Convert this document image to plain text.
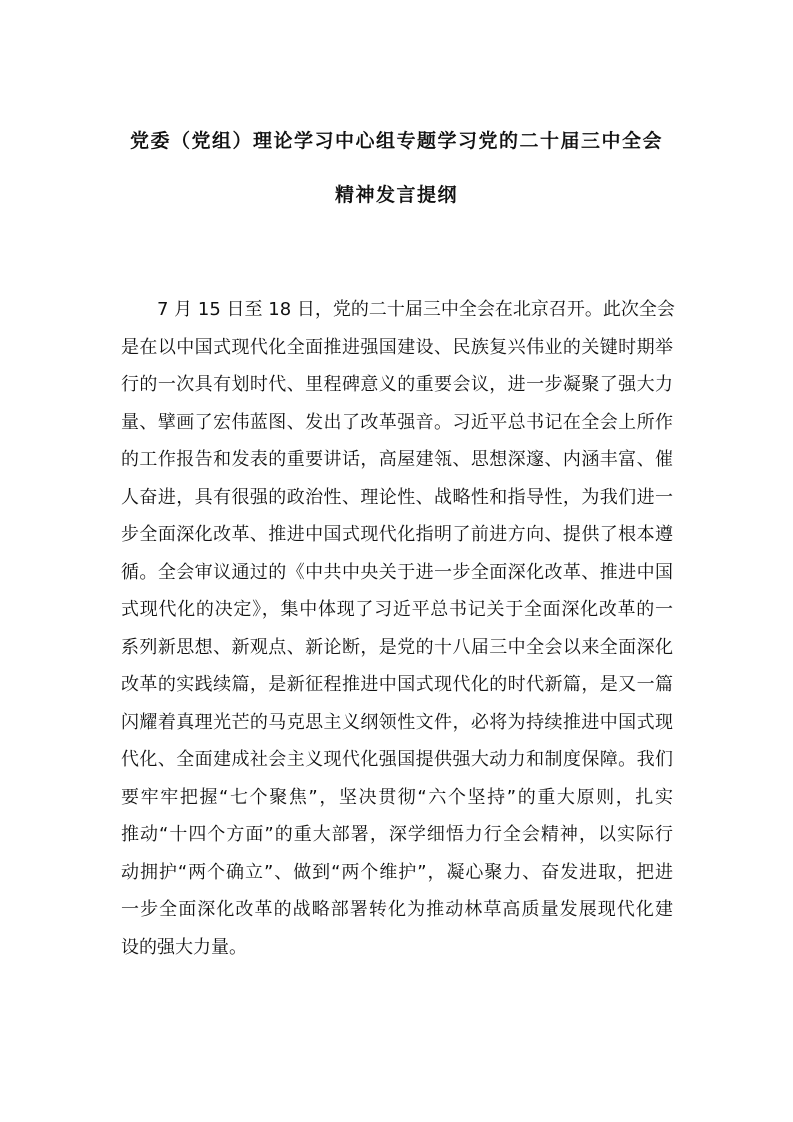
党委（党组）理论学习中心组专题学习党的二十届三中全会
精神发言提纲

7 月 15 日至 18 日，党的二十届三中全会在北京召开。此次全会
是在以中国式现代化全面推进强国建设、民族复兴伟业的关键时期举
行的一次具有划时代、里程碑意义的重要会议，进一步凝聚了强大力
量、擘画了宏伟蓝图、发出了改革强音。习近平总书记在全会上所作
的工作报告和发表的重要讲话，高屋建瓴、思想深邃、内涵丰富、催
人奋进，具有很强的政治性、理论性、战略性和指导性，为我们进一
步全面深化改革、推进中国式现代化指明了前进方向、提供了根本遵
循。全会审议通过的《中共中央关于进一步全面深化改革、推进中国
式现代化的决定》，集中体现了习近平总书记关于全面深化改革的一
系列新思想、新观点、新论断，是党的十八届三中全会以来全面深化
改革的实践续篇，是新征程推进中国式现代化的时代新篇，是又一篇
闪耀着真理光芒的马克思主义纲领性文件，必将为持续推进中国式现
代化、全面建成社会主义现代化强国提供强大动力和制度保障。我们
要牢牢把握“七个聚焦”，坚决贯彻“六个坚持”的重大原则，扎实
推动“十四个方面”的重大部署，深学细悟力行全会精神，以实际行
动拥护“两个确立”、做到“两个维护”，凝心聚力、奋发进取，把进
一步全面深化改革的战略部署转化为推动林草高质量发展现代化建
设的强大力量。
